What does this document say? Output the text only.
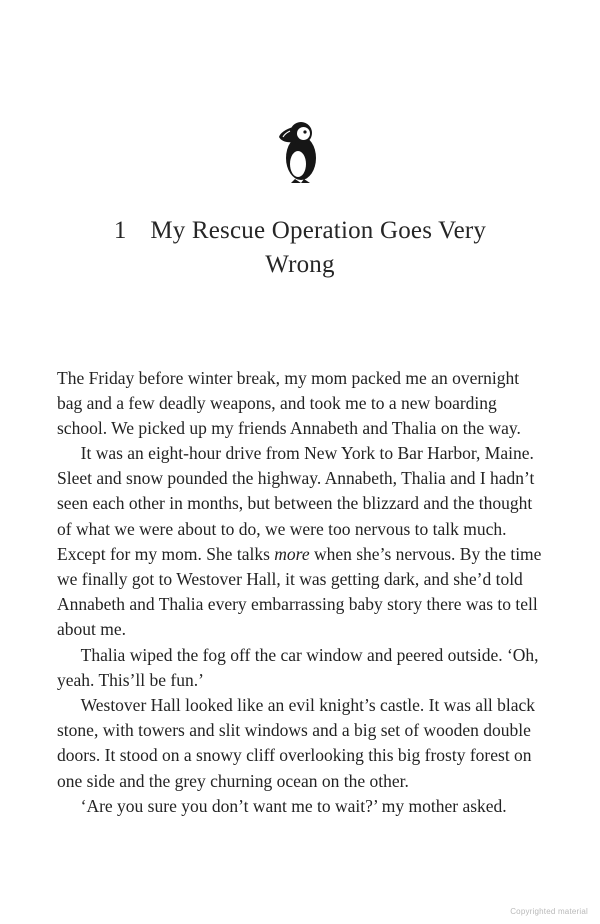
1 My Rescue Operation Goes Very Wrong

The Friday before winter break, my mom packed me an overnight bag and a few deadly weapons, and took me to a new boarding school. We picked up my friends Annabeth and Thalia on the way.

It was an eight-hour drive from New York to Bar Harbor, Maine. Sleet and snow pounded the highway. Annabeth, Thalia and I hadn’t seen each other in months, but between the blizzard and the thought of what we were about to do, we were too nervous to talk much. Except for my mom. She talks more when she’s nervous. By the time we finally got to Westover Hall, it was getting dark, and she’d told Annabeth and Thalia every embarrassing baby story there was to tell about me.

Thalia wiped the fog off the car window and peered outside. ‘Oh, yeah. This’ll be fun.’

Westover Hall looked like an evil knight’s castle. It was all black stone, with towers and slit windows and a big set of wooden double doors. It stood on a snowy cliff overlooking this big frosty forest on one side and the grey churning ocean on the other.

‘Are you sure you don’t want me to wait?’ my mother asked.

Copyrighted material
